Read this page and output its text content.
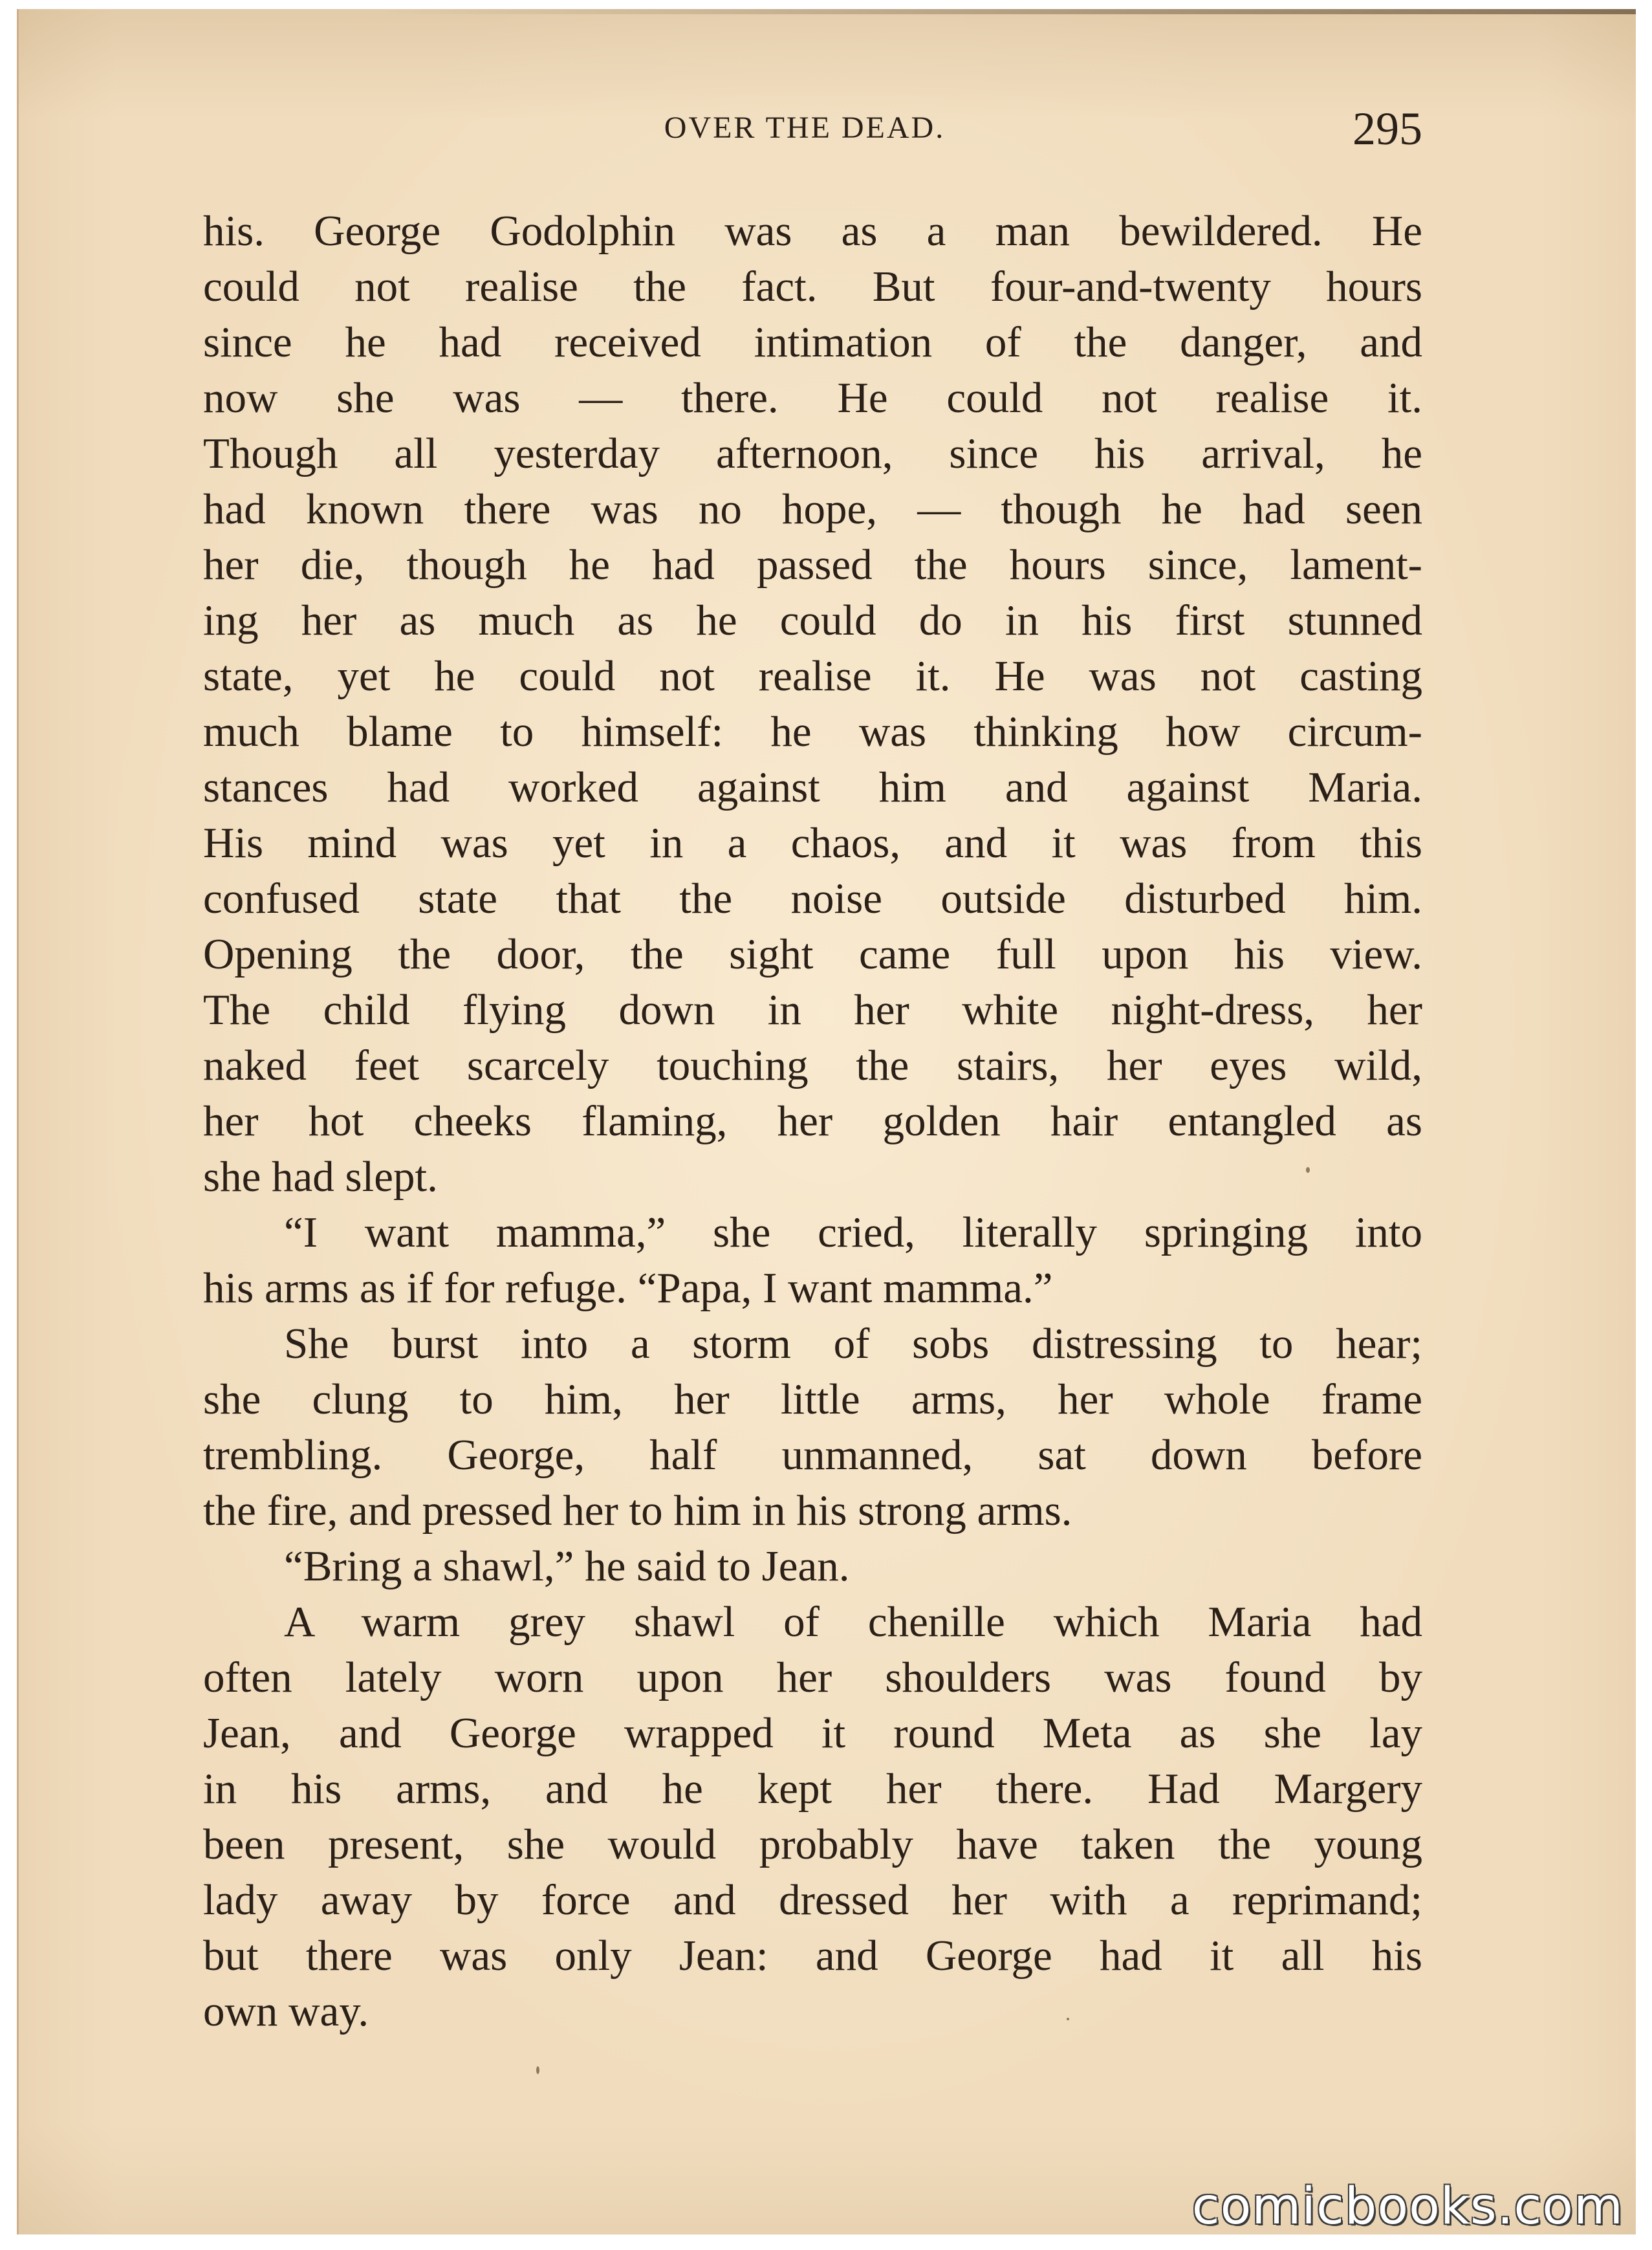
OVER THE DEAD.	295
his. George Godolphin was as a man bewildered. He
could not realise the fact. But four-and-twenty hours
since he had received intimation of the danger, and
now she was — there. He could not realise it.
Though all yesterday afternoon, since his arrival, he
had known there was no hope, — though he had seen
her die, though he had passed the hours since, lament-
ing her as much as he could do in his first stunned
state, yet he could not realise it. He was not casting
much blame to himself: he was thinking how circum-
stances had worked against him and against Maria.
His mind was yet in a chaos, and it was from this
confused state that the noise outside disturbed him.
Opening the door, the sight came full upon his view.
The child flying down in her white night-dress, her
naked feet scarcely touching the stairs, her eyes wild,
her hot cheeks flaming, her golden hair entangled as
she had slept.
“I want mamma,” she cried, literally springing into
his arms as if for refuge. “Papa, I want mamma.”
She burst into a storm of sobs distressing to hear;
she clung to him, her little arms, her whole frame
trembling. George, half unmanned, sat down before
the fire, and pressed her to him in his strong arms.
“Bring a shawl,” he said to Jean.
A warm grey shawl of chenille which Maria had
often lately worn upon her shoulders was found by
Jean, and George wrapped it round Meta as she lay
in his arms, and he kept her there. Had Margery
been present, she would probably have taken the young
lady away by force and dressed her with a reprimand;
but there was only Jean: and George had it all his
own way.
comicbooks.com
